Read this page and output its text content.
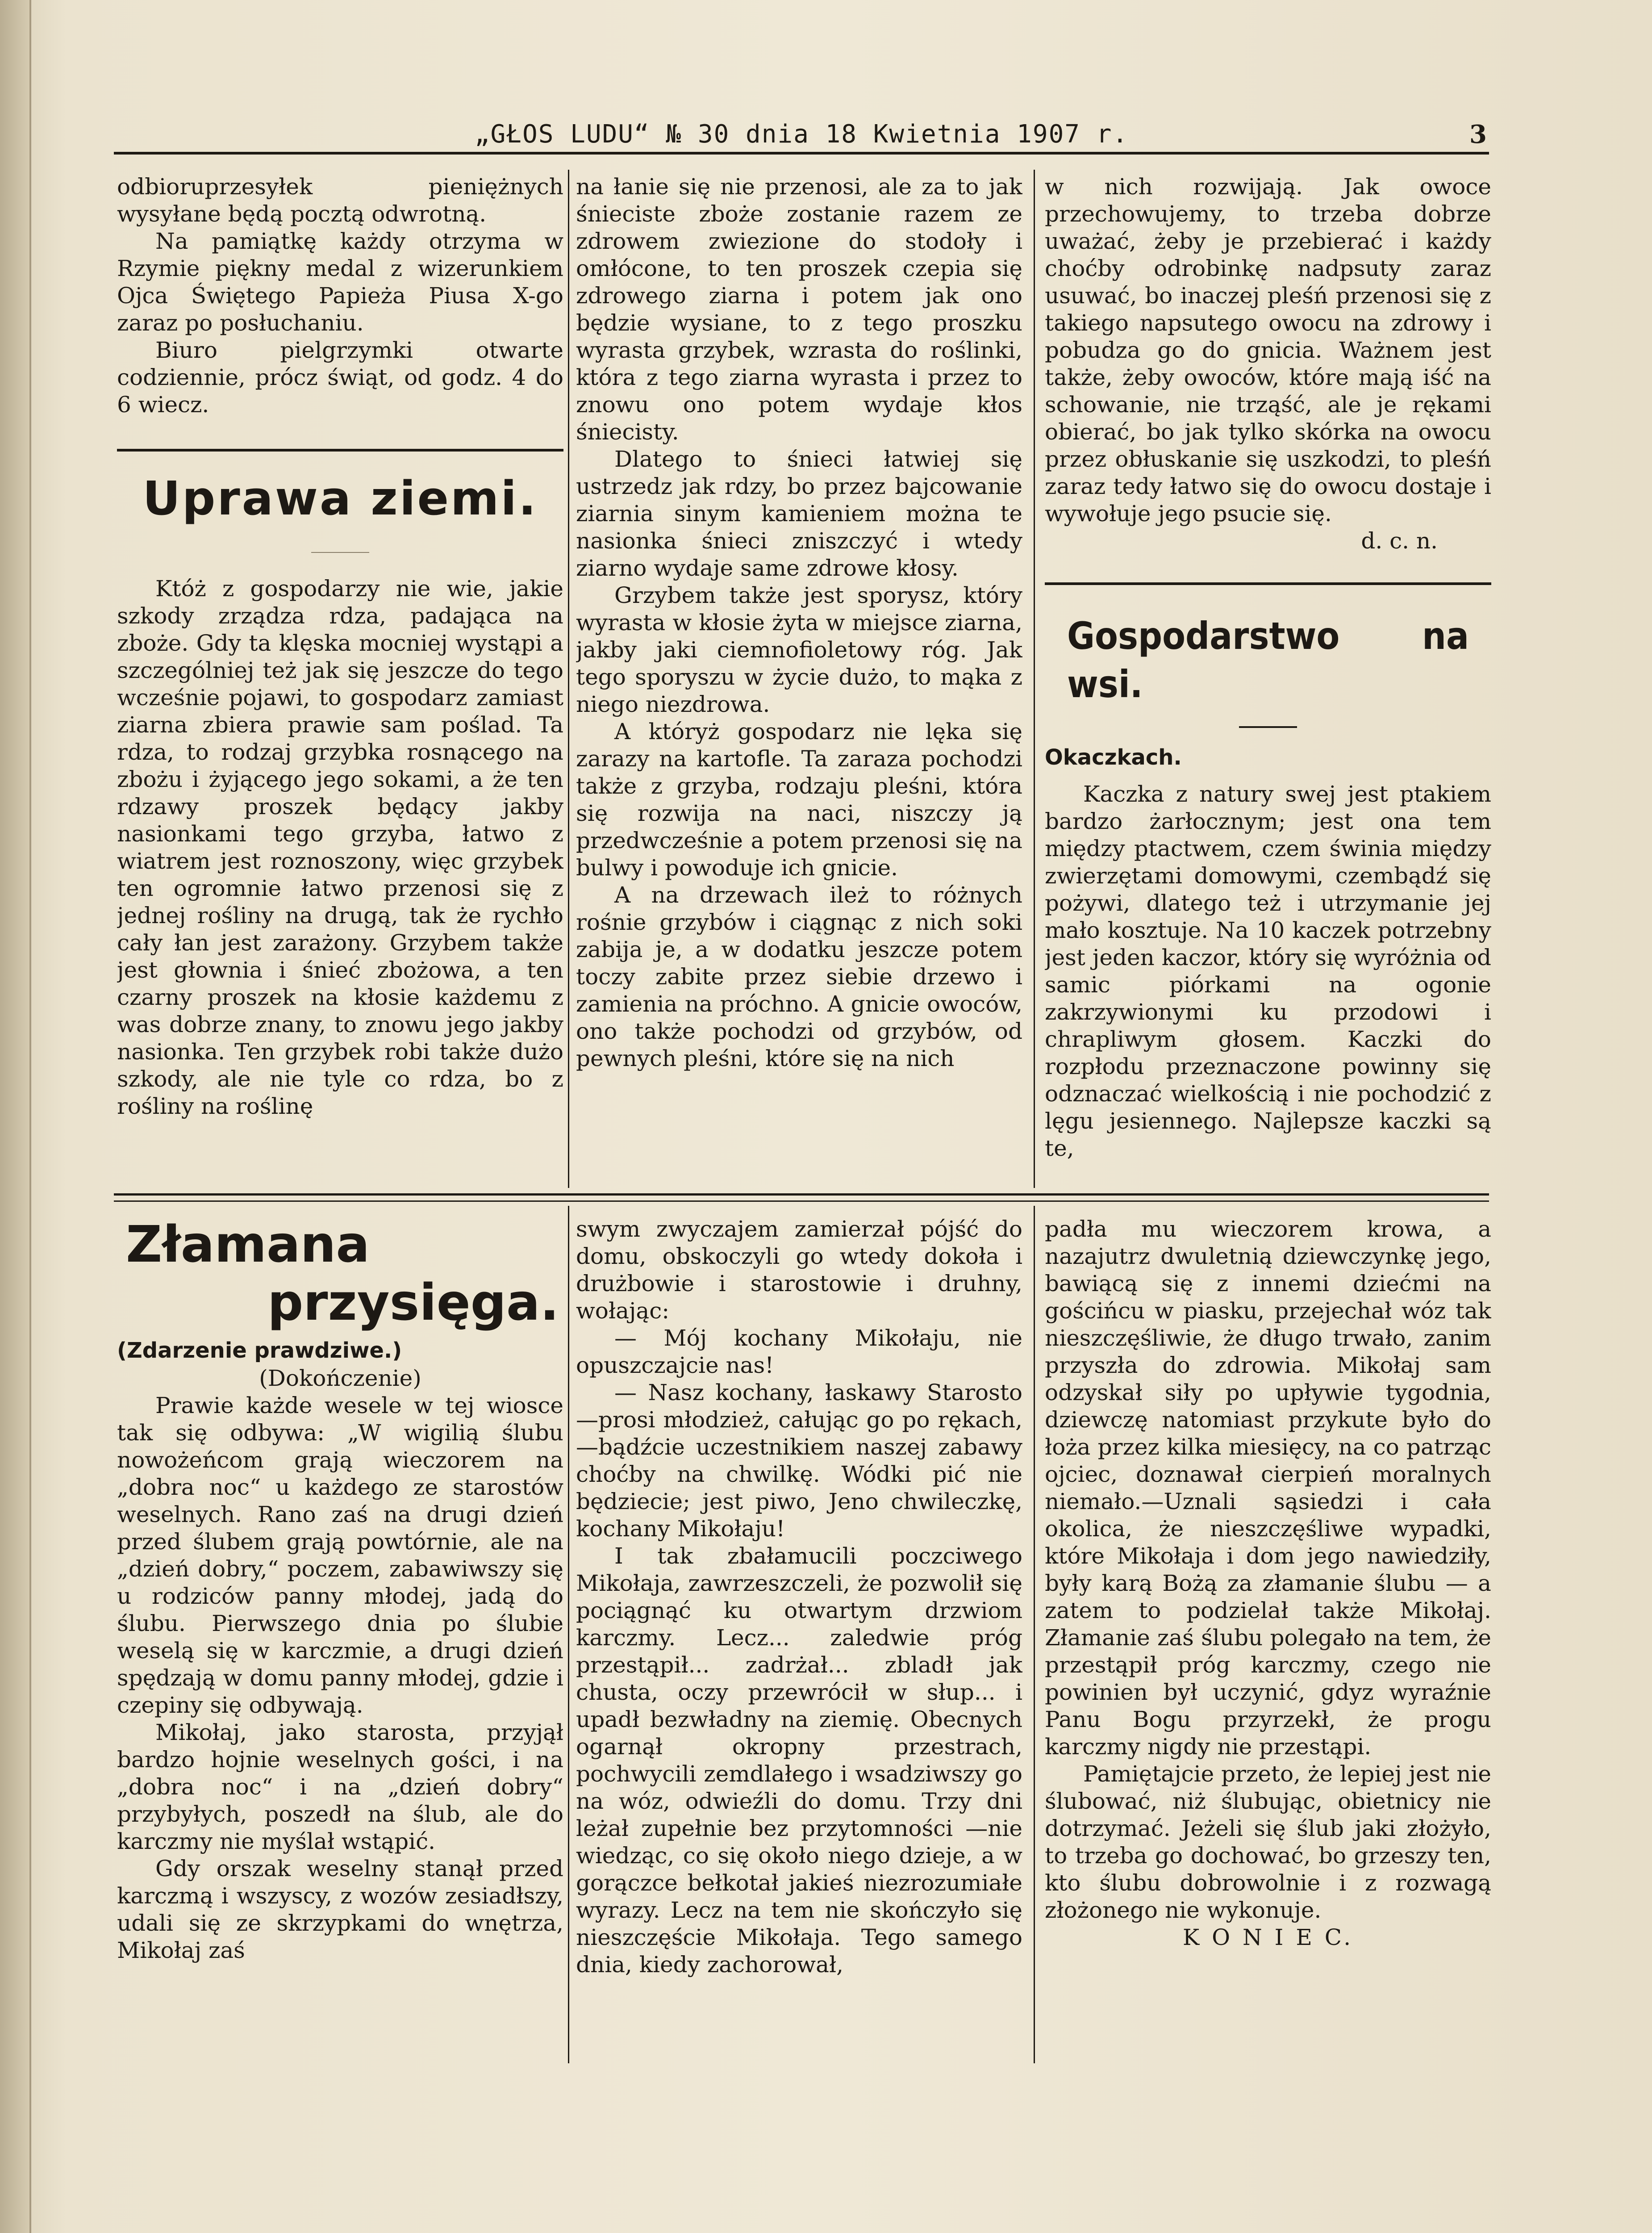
„GŁOS LUDU“ № 30 dnia 18 Kwietnia 1907 r.	3

odbioruprzesyłek pieniężnych wysyłane będą pocztą odwrotną.

Na pamiątkę każdy otrzyma w Rzymie piękny medal z wizerunkiem Ojca Świętego Papieża Piusa X-go zaraz po posłuchaniu.

Biuro pielgrzymki otwarte codziennie, prócz świąt, od godz. 4 do 6 wiecz.

Uprawa ziemi.

Któż z gospodarzy nie wie, jakie szkody zrządza rdza, padająca na zboże. Gdy ta klęska mocniej wystąpi a szczególniej też jak się jeszcze do tego wcześnie pojawi, to gospodarz zamiast ziarna zbiera prawie sam poślad. Ta rdza, to rodzaj grzybka rosnącego na zbożu i żyjącego jego sokami, a że ten rdzawy proszek będący jakby nasionkami tego grzyba, łatwo z wiatrem jest roznoszony, więc grzybek ten ogromnie łatwo przenosi się z jednej rośliny na drugą, tak że rychło cały łan jest zarażony. Grzybem także jest głownia i śnieć zbożowa, a ten czarny proszek na kłosie każdemu z was dobrze znany, to znowu jego jakby nasionka. Ten grzybek robi także dużo szkody, ale nie tyle co rdza, bo z rośliny na roślinę

na łanie się nie przenosi, ale za to jak śnieciste zboże zostanie razem ze zdrowem zwiezione do stodoły i omłócone, to ten proszek czepia się zdrowego ziarna i potem jak ono będzie wysiane, to z tego proszku wyrasta grzybek, wzrasta do roślinki, która z tego ziarna wyrasta i przez to znowu ono potem wydaje kłos śniecisty.

Dlatego to śnieci łatwiej się ustrzedz jak rdzy, bo przez bajcowanie ziarnia sinym kamieniem można te nasionka śnieci zniszczyć i wtedy ziarno wydaje same zdrowe kłosy.

Grzybem także jest sporysz, który wyrasta w kłosie żyta w miejsce ziarna, jakby jaki ciemnofioletowy róg. Jak tego sporyszu w życie dużo, to mąka z niego niezdrowa.

A któryż gospodarz nie lęka się zarazy na kartofle. Ta zaraza pochodzi także z grzyba, rodzaju pleśni, która się rozwija na naci, niszczy ją przedwcześnie a potem przenosi się na bulwy i powoduje ich gnicie.

A na drzewach ileż to różnych rośnie grzybów i ciągnąc z nich soki zabija je, a w dodatku jeszcze potem toczy zabite przez siebie drzewo i zamienia na próchno. A gnicie owoców, ono także pochodzi od grzybów, od pewnych pleśni, które się na nich

w nich rozwijają. Jak owoce przechowujemy, to trzeba dobrze uważać, żeby je przebierać i każdy choćby odrobinkę nadpsuty zaraz usuwać, bo inaczej pleśń przenosi się z takiego napsutego owocu na zdrowy i pobudza go do gnicia. Ważnem jest także, żeby owoców, które mają iść na schowanie, nie trząść, ale je rękami obierać, bo jak tylko skórka na owocu przez obłuskanie się uszkodzi, to pleśń zaraz tedy łatwo się do owocu dostaje i wywołuje jego psucie się.

d. c. n.

Gospodarstwo na wsi.

Okaczkach.

Kaczka z natury swej jest ptakiem bardzo żarłocznym; jest ona tem między ptactwem, czem świnia między zwierzętami domowymi, czembądź się pożywi, dlatego też i utrzymanie jej mało kosztuje. Na 10 kaczek potrzebny jest jeden kaczor, który się wyróżnia od samic piórkami na ogonie zakrzywionymi ku przodowi i chrapliwym głosem. Kaczki do rozpłodu przeznaczone powinny się odznaczać wielkością i nie pochodzić z lęgu jesiennego. Najlepsze kaczki są te,

Złamana

przysięga.

(Zdarzenie prawdziwe.)

(Dokończenie)

Prawie każde wesele w tej wiosce tak się odbywa: „W wigilią ślubu nowożeńcom grają wieczorem na „dobra noc“ u każdego ze starostów weselnych. Rano zaś na drugi dzień przed ślubem grają powtórnie, ale na „dzień dobry,“ poczem, zabawiwszy się u rodziców panny młodej, jadą do ślubu. Pierwszego dnia po ślubie weselą się w karczmie, a drugi dzień spędzają w domu panny młodej, gdzie i czepiny się odbywają.

Mikołaj, jako starosta, przyjął bardzo hojnie weselnych gości, i na „dobra noc“ i na „dzień dobry“ przybyłych, poszedł na ślub, ale do karczmy nie myślał wstąpić.

Gdy orszak weselny stanął przed karczmą i wszyscy, z wozów zesiadłszy, udali się ze skrzypkami do wnętrza, Mikołaj zaś

swym zwyczajem zamierzał pójść do domu, obskoczyli go wtedy dokoła i drużbowie i starostowie i druhny, wołając:

— Mój kochany Mikołaju, nie opuszczajcie nas!

— Nasz kochany, łaskawy Starosto—prosi młodzież, całując go po rękach,—bądźcie uczestnikiem naszej zabawy choćby na chwilkę. Wódki pić nie będziecie; jest piwo, Jeno chwileczkę, kochany Mikołaju!

I tak zbałamucili poczciwego Mikołaja, zawrzeszczeli, że pozwolił się pociągnąć ku otwartym drzwiom karczmy. Lecz... zaledwie próg przestąpił... zadrżał... zbladł jak chusta, oczy przewrócił w słup... i upadł bezwładny na ziemię. Obecnych ogarnął okropny przestrach, pochwycili zemdlałego i wsadziwszy go na wóz, odwieźli do domu. Trzy dni leżał zupełnie bez przytomności —nie wiedząc, co się około niego dzieje, a w gorączce bełkotał jakieś niezrozumiałe wyrazy. Lecz na tem nie skończyło się nieszczęście Mikołaja. Tego samego dnia, kiedy zachorował,

padła mu wieczorem krowa, a nazajutrz dwuletnią dziewczynkę jego, bawiącą się z innemi dziećmi na gościńcu w piasku, przejechał wóz tak nieszczęśliwie, że długo trwało, zanim przyszła do zdrowia. Mikołaj sam odzyskał siły po upływie tygodnia, dziewczę natomiast przykute było do łoża przez kilka miesięcy, na co patrząc ojciec, doznawał cierpień moralnych niemało.—Uznali sąsiedzi i cała okolica, że nieszczęśliwe wypadki, które Mikołaja i dom jego nawiedziły, były karą Bożą za złamanie ślubu — a zatem to podzielał także Mikołaj. Złamanie zaś ślubu polegało na tem, że przestąpił próg karczmy, czego nie powinien był uczynić, gdyz wyraźnie Panu Bogu przyrzekł, że progu karczmy nigdy nie przestąpi.

Pamiętajcie przeto, że lepiej jest nie ślubować, niż ślubując, obietnicy nie dotrzymać. Jeżeli się ślub jaki złożyło, to trzeba go dochować, bo grzeszy ten, kto ślubu dobrowolnie i z rozwagą złożonego nie wykonuje.

K O N I E C.
